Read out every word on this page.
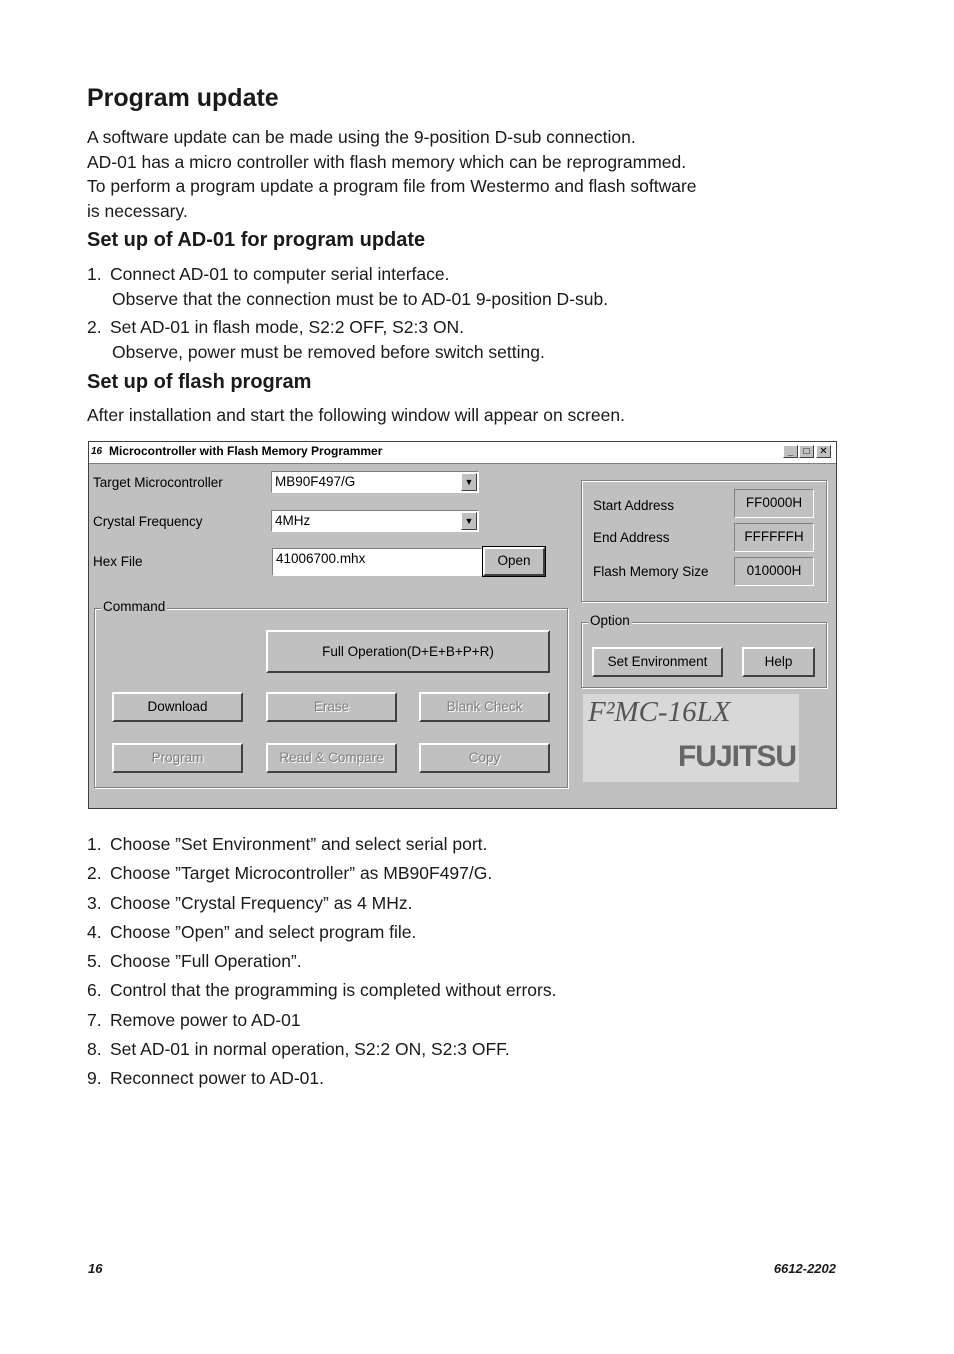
Program update
A software update can be made using the 9-position D-sub connection.
AD-01 has a micro controller with flash memory which can be reprogrammed.
To perform a program update a program file from Westermo and flash software
is necessary.
Set up of AD-01 for program update
1. Connect AD-01 to computer serial interface.
Observe that the connection must be to AD-01 9-position D-sub.
2. Set AD-01 in flash mode, S2:2 OFF, S2:3 ON.
Observe, power must be removed before switch setting.
Set up of flash program
After installation and start the following window will appear on screen.
16 Microcontroller with Flash Memory Programmer	_	□ ✕
Target Microcontroller	MB90F497/G	▼
Crystal Frequency	4MHz	▼
Hex File	41006700.mhx	Open
Start Address	FF0000H
End Address	FFFFFFH
Flash Memory Size	010000H
Command
Full Operation(D+E+B+P+R)
Download	Erase	Blank Check
Program	Read & Compare	Copy
Option
Set Environment	Help
F²MC-16LX
FUJITSU
1. Choose ”Set Environment” and select serial port.
2. Choose ”Target Microcontroller” as MB90F497/G.
3. Choose ”Crystal Frequency” as 4 MHz.
4. Choose ”Open” and select program file.
5. Choose ”Full Operation”.
6. Control that the programming is completed without errors.
7. Remove power to AD-01
8. Set AD-01 in normal operation, S2:2 ON, S2:3 OFF.
9. Reconnect power to AD-01.
16	6612-2202
